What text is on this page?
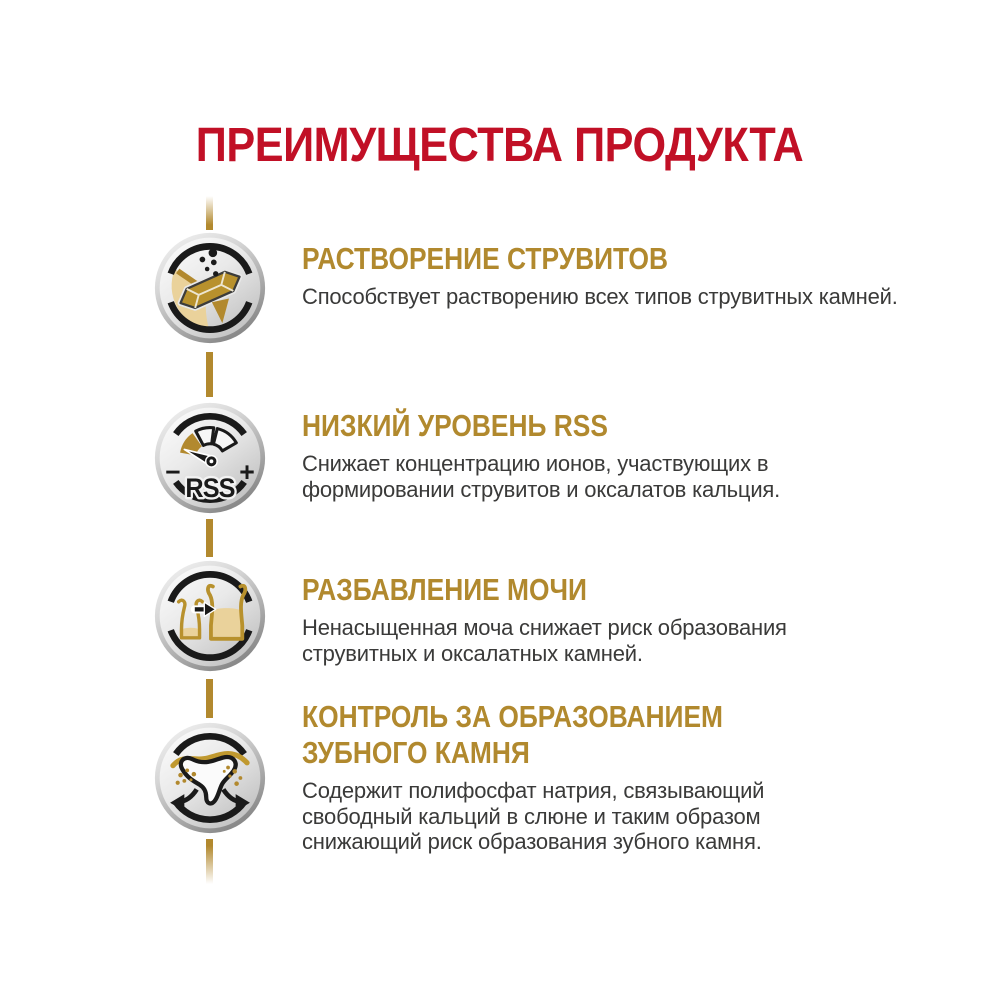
ПРЕИМУЩЕСТВА ПРОДУКТА
− +
RSS
РАСТВОРЕНИЕ СТРУВИТОВ

Способствует растворению всех типов струвитных камней.

НИЗКИЙ УРОВЕНЬ RSS

Снижает концентрацию ионов, участвующих в формировании струвитов и оксалатов кальция.

РАЗБАВЛЕНИЕ МОЧИ

Ненасыщенная моча снижает риск образования струвитных и оксалатных камней.

КОНТРОЛЬ ЗА ОБРАЗОВАНИЕМ ЗУБНОГО КАМНЯ

Содержит полифосфат натрия, связывающий свободный кальций в слюне и таким образом снижающий риск образования зубного камня.
